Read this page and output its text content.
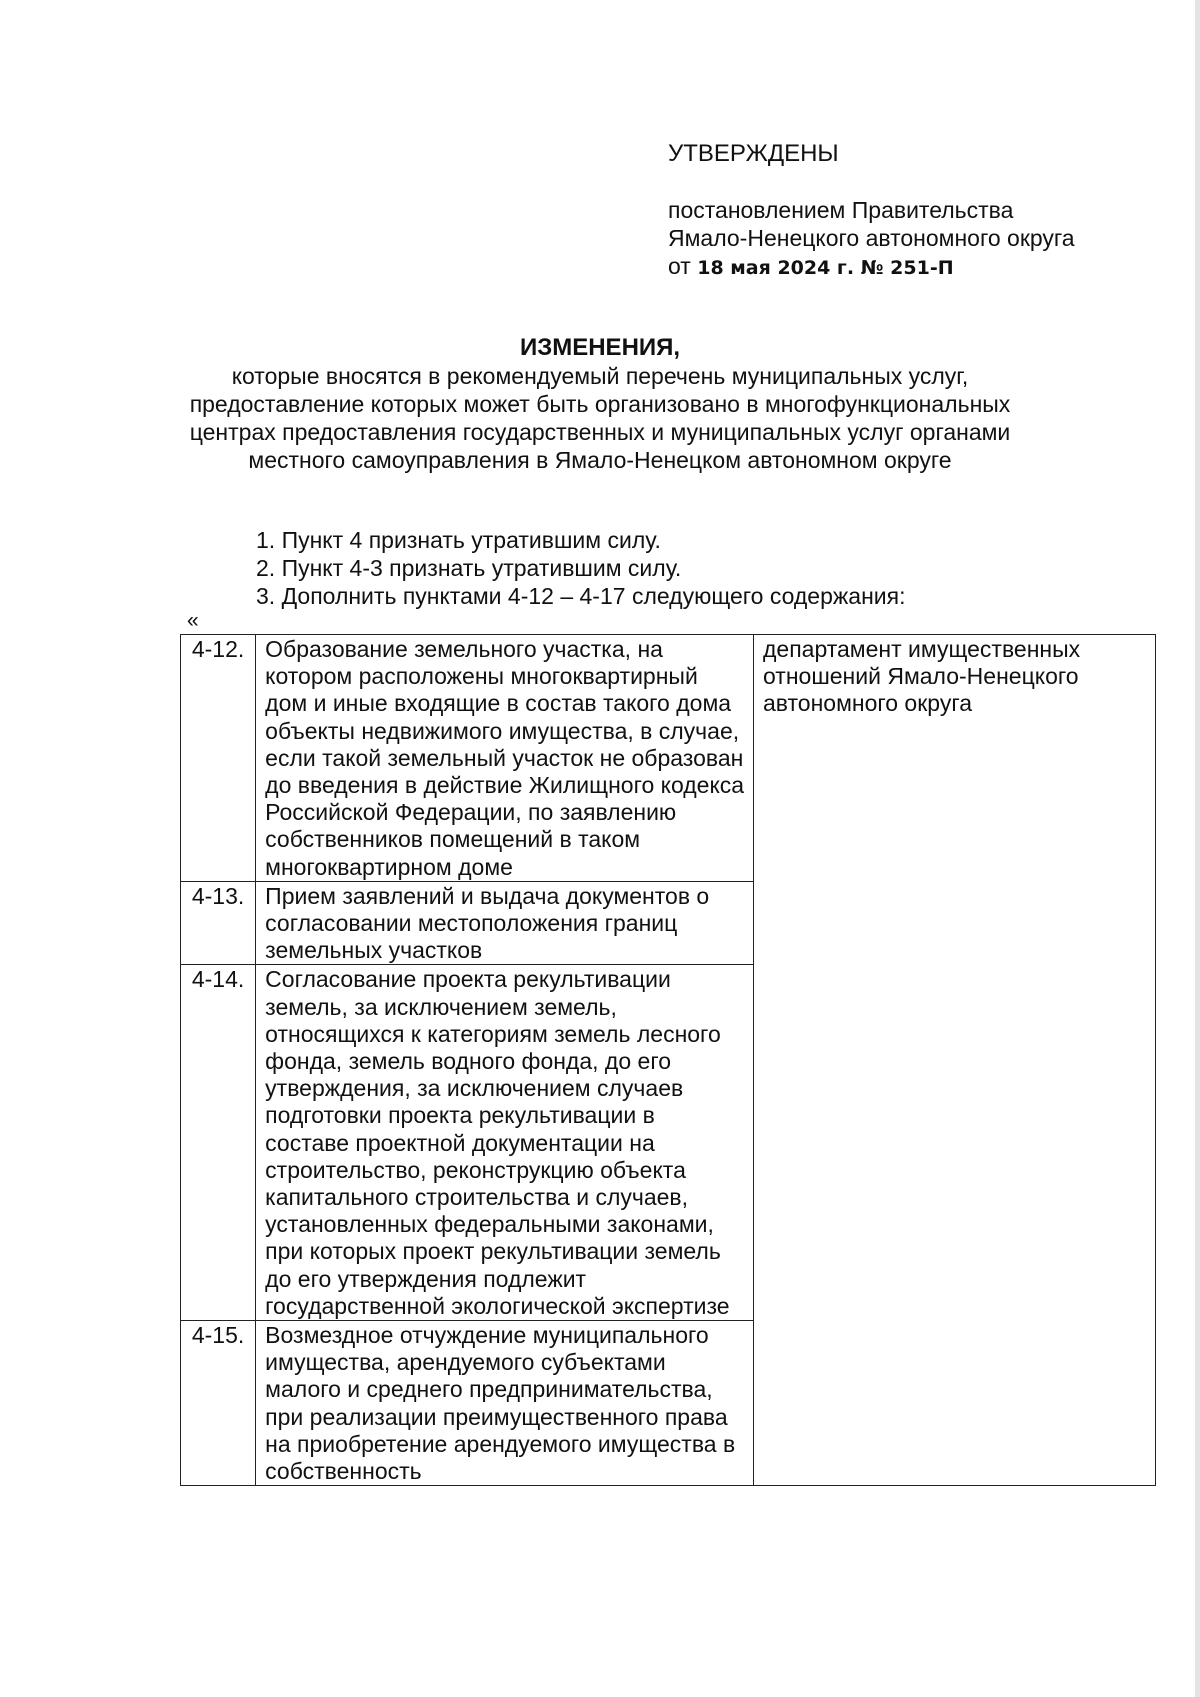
УТВЕРЖДЕНЫ
постановлением Правительства
Ямало-Ненецкого автономного округа
от 18 мая 2024 г. № 251-П
ИЗМЕНЕНИЯ,
которые вносятся в рекомендуемый перечень муниципальных услуг,
предоставление которых может быть организовано в многофункциональных
центрах предоставления государственных и муниципальных услуг органами
местного самоуправления в Ямало-Ненецком автономном округе
1. Пункт 4 признать утратившим силу.
2. Пункт 4-3 признать утратившим силу.
3. Дополнить пунктами 4-12 – 4-17 следующего содержания:
«
4-12.	Образование земельного участка, на котором расположены многоквартирный дом и иные входящие в состав такого дома объекты недвижимого имущества, в случае, если такой земельный участок не образован до введения в действие Жилищного кодекса Российской Федерации, по заявлению собственников помещений в таком многоквартирном доме	департамент имущественных отношений Ямало-Ненецкого автономного округа
4-13.	Прием заявлений и выдача документов о согласовании местоположения границ земельных участков	
4-14.	Согласование проекта рекультивации земель, за исключением земель, относящихся к категориям земель лесного фонда, земель водного фонда, до его утверждения, за исключением случаев подготовки проекта рекультивации в составе проектной документации на строительство, реконструкцию объекта капитального строительства и случаев, установленных федеральными законами, при которых проект рекультивации земель до его утверждения подлежит государственной экологической экспертизе	
4-15.	Возмездное отчуждение муниципального имущества, арендуемого субъектами малого и среднего предпринимательства, при реализации преимущественного права на приобретение арендуемого имущества в собственность	
